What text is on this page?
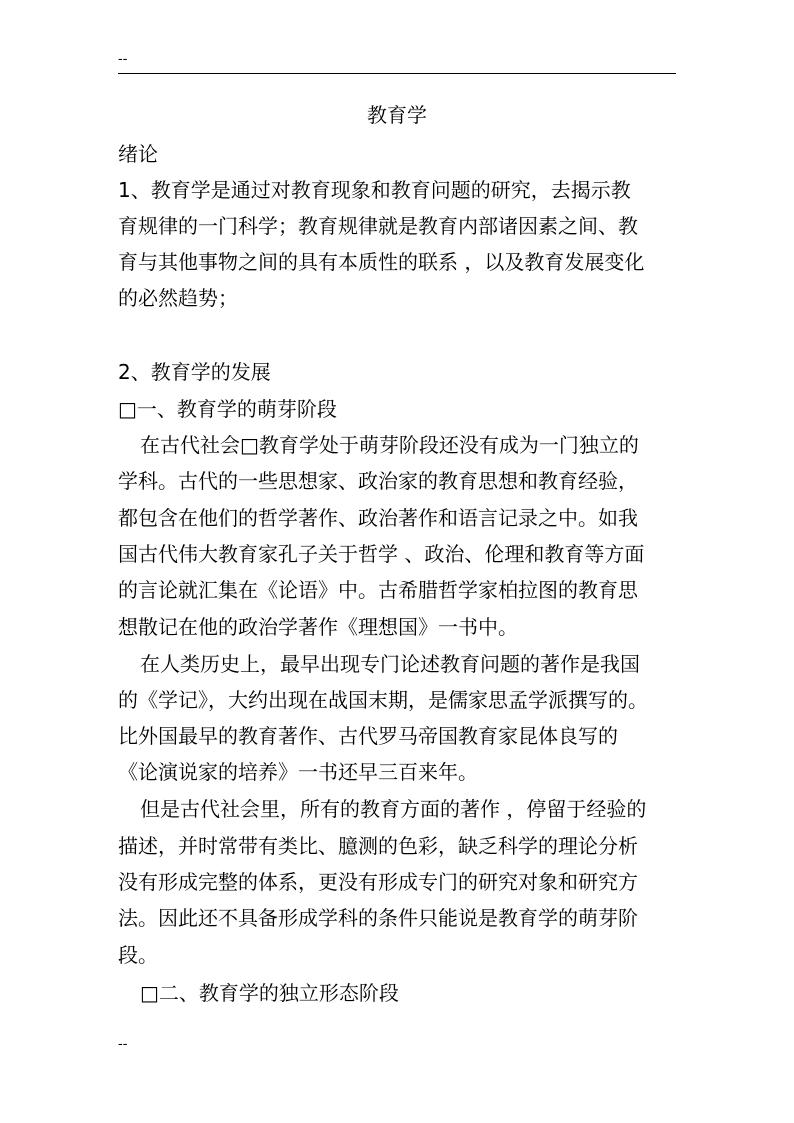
--
教育学
绪论
1、教育学是通过对教育现象和教育问题的研究，去揭示教
育规律的一门科学；教育规律就是教育内部诸因素之间、教
育与其他事物之间的具有本质性的联系 ，以及教育发展变化
的必然趋势；
2、教育学的发展
□一、教育学的萌芽阶段
在古代社会□教育学处于萌芽阶段还没有成为一门独立的
学科。古代的一些思想家、政治家的教育思想和教育经验，
都包含在他们的哲学著作、政治著作和语言记录之中。如我
国古代伟大教育家孔子关于哲学 、政治、伦理和教育等方面
的言论就汇集在《论语》中。古希腊哲学家柏拉图的教育思
想散记在他的政治学著作《理想国》一书中。
在人类历史上，最早出现专门论述教育问题的著作是我国
的《学记》，大约出现在战国末期，是儒家思孟学派撰写的。
比外国最早的教育著作、古代罗马帝国教育家昆体良写的
《论演说家的培养》一书还早三百来年。
但是古代社会里，所有的教育方面的著作 ，停留于经验的
描述，并时常带有类比、臆测的色彩，缺乏科学的理论分析
没有形成完整的体系，更没有形成专门的研究对象和研究方
法。因此还不具备形成学科的条件只能说是教育学的萌芽阶
段。
□二、教育学的独立形态阶段
--
